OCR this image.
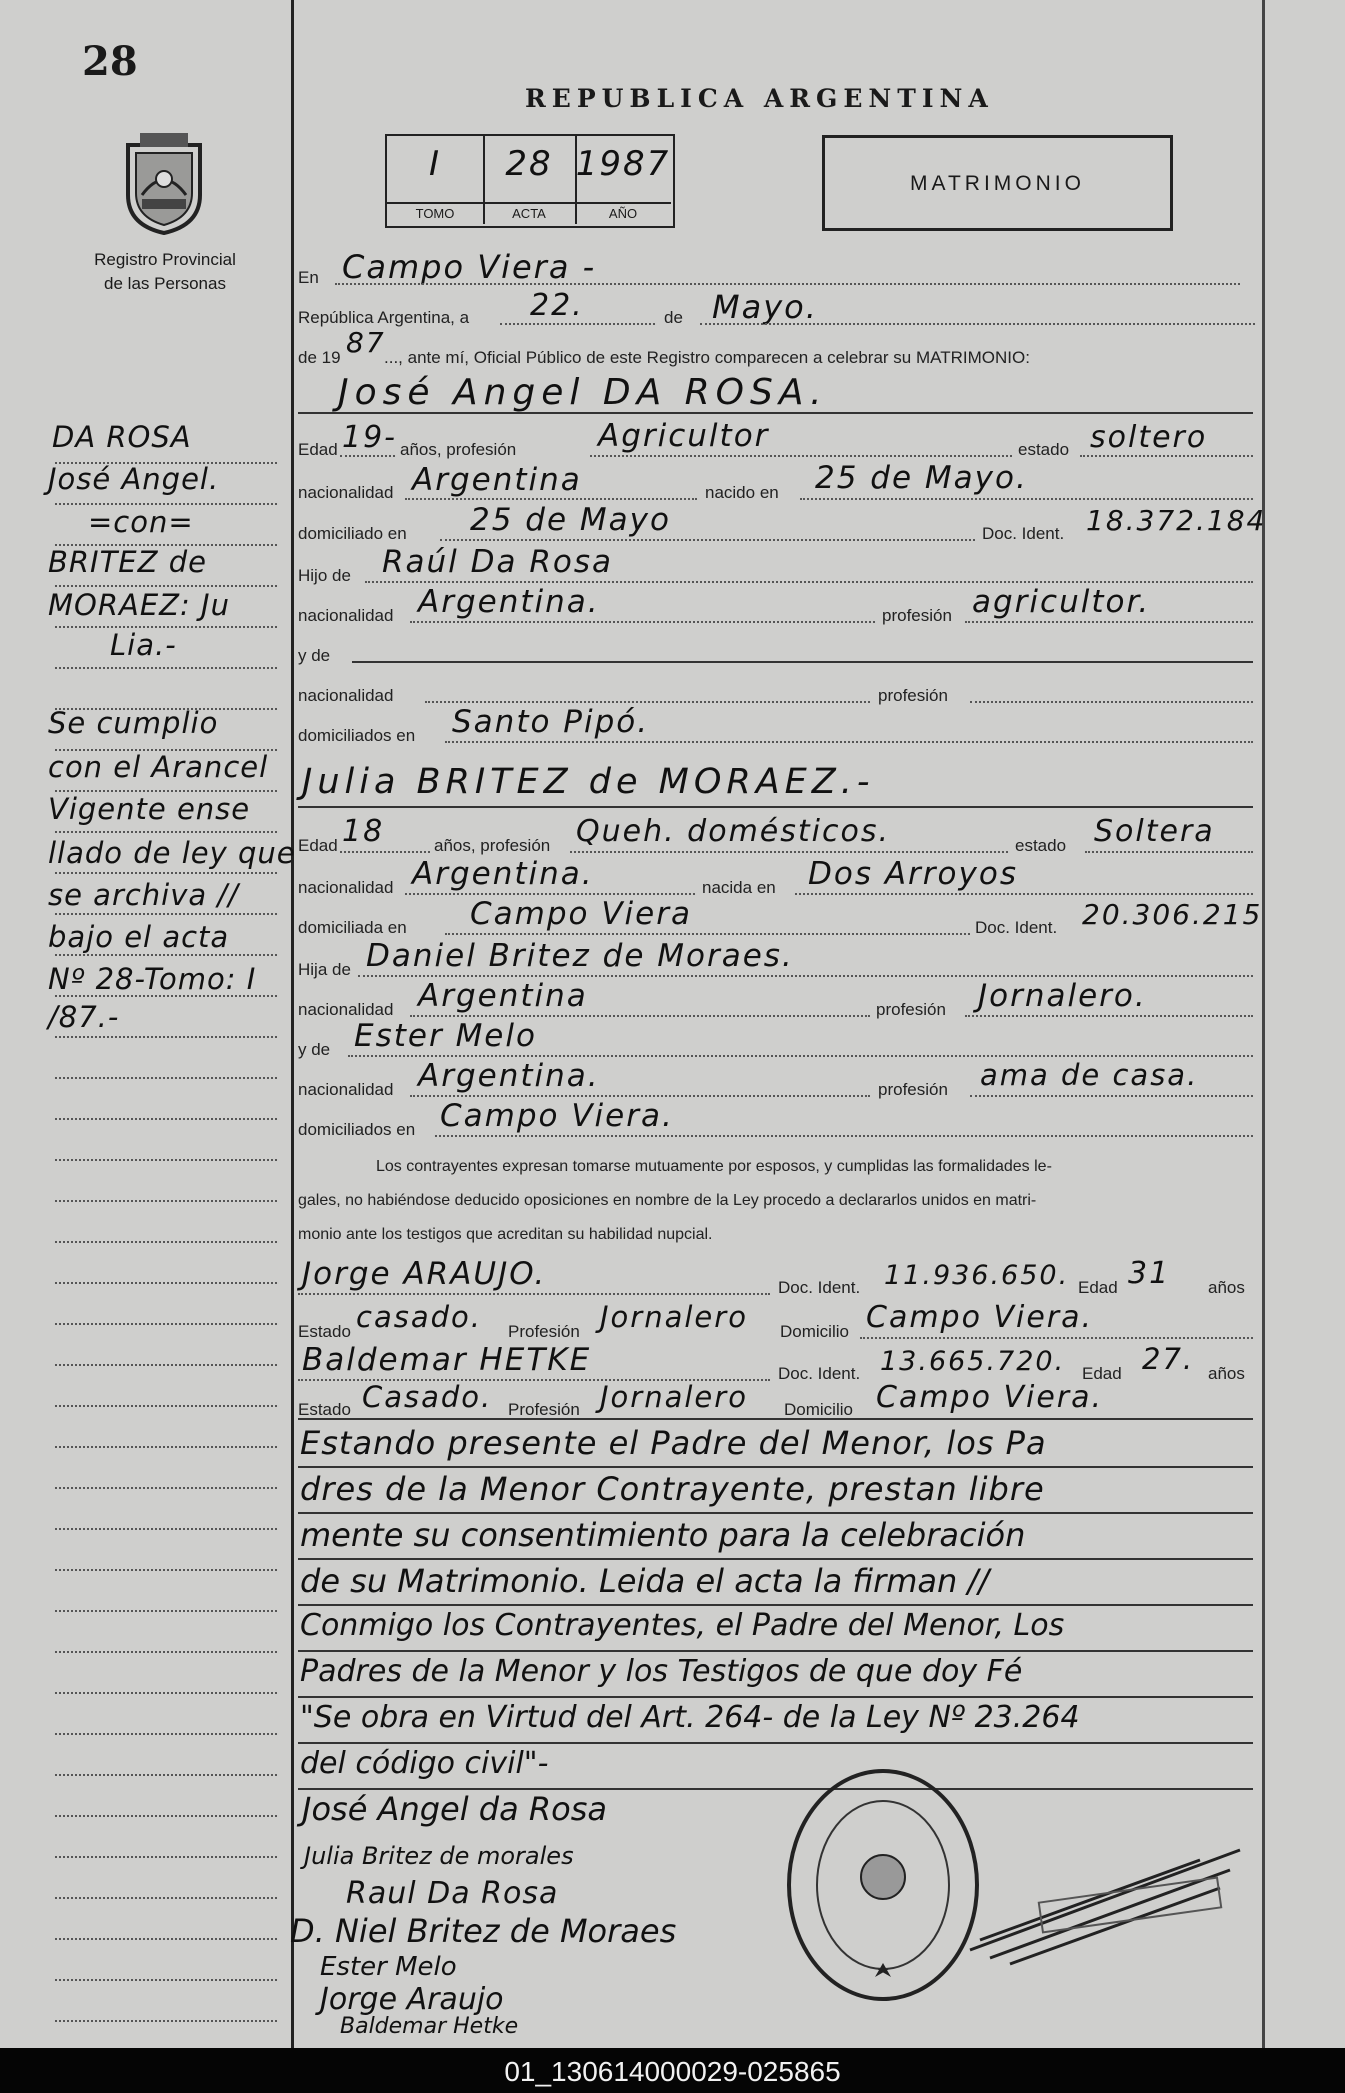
28
Registro Provincial
de las Personas
DA ROSA
José Angel.
=con=
BRITEZ de
MORAEZ: Ju
Lia.-
Se cumplio
con el Arancel
Vigente ense
llado de ley que
se archiva //
bajo el acta
Nº 28-Tomo: I
/87.-
REPUBLICA ARGENTINA
I
TOMO
28
ACTA
1987
AÑO
MATRIMONIO
En Campo Viera -
República Argentina, a 22.	de Mayo.
de 19 87
..., ante mí, Oficial Público de este Registro comparecen a celebrar su MATRIMONIO:
José Angel DA ROSA.
Edad 19- años, profesión	Agricultor	estado soltero
nacionalidad Argentina	nacido en 25 de Mayo.
domiciliado en 25 de Mayo	Doc. Ident. 18.372.184
Hijo de Raúl Da Rosa
nacionalidad Argentina.	profesión agricultor.
y de
nacionalidad	profesión
domiciliados en Santo Pipó.
Julia BRITEZ de MORAEZ.-
Edad 18	años, profesión Queh. domésticos.	estado Soltera
nacionalidad Argentina.	nacida en Dos Arroyos
domiciliada en Campo Viera	Doc. Ident. 20.306.215
Hija de Daniel Britez de Moraes.
nacionalidad Argentina	profesión Jornalero.
y de Ester Melo
nacionalidad Argentina.	profesión ama de casa.
domiciliados en Campo Viera.
Los contrayentes expresan tomarse mutuamente por esposos, y cumplidas las formalidades le-
gales, no habiéndose deducido oposiciones en nombre de la Ley procedo a declararlos unidos en matri-
monio ante los testigos que acreditan su habilidad nupcial.
Jorge ARAUJO.	Doc. Ident. 11.936.650. Edad 31 años
Estado casado. Profesión Jornalero Domicilio Campo Viera.
Baldemar HETKE	Doc. Ident. 13.665.720. Edad 27. años
Estado Casado. Profesión Jornalero Domicilio Campo Viera.
Estando presente el Padre del Menor, los Pa
dres de la Menor Contrayente, prestan libre
mente su consentimiento para la celebración
de su Matrimonio. Leida el acta la firman //
Conmigo los Contrayentes, el Padre del Menor, Los
Padres de la Menor y los Testigos de que doy Fé
"Se obra en Virtud del Art. 264- de la Ley Nº 23.264
del código civil"-
José Angel da Rosa
Julia Britez de morales
Raul Da Rosa
D. Niel Britez de Moraes
Ester Melo
Jorge Araujo
Baldemar Hetke
01_130614000029-025865
